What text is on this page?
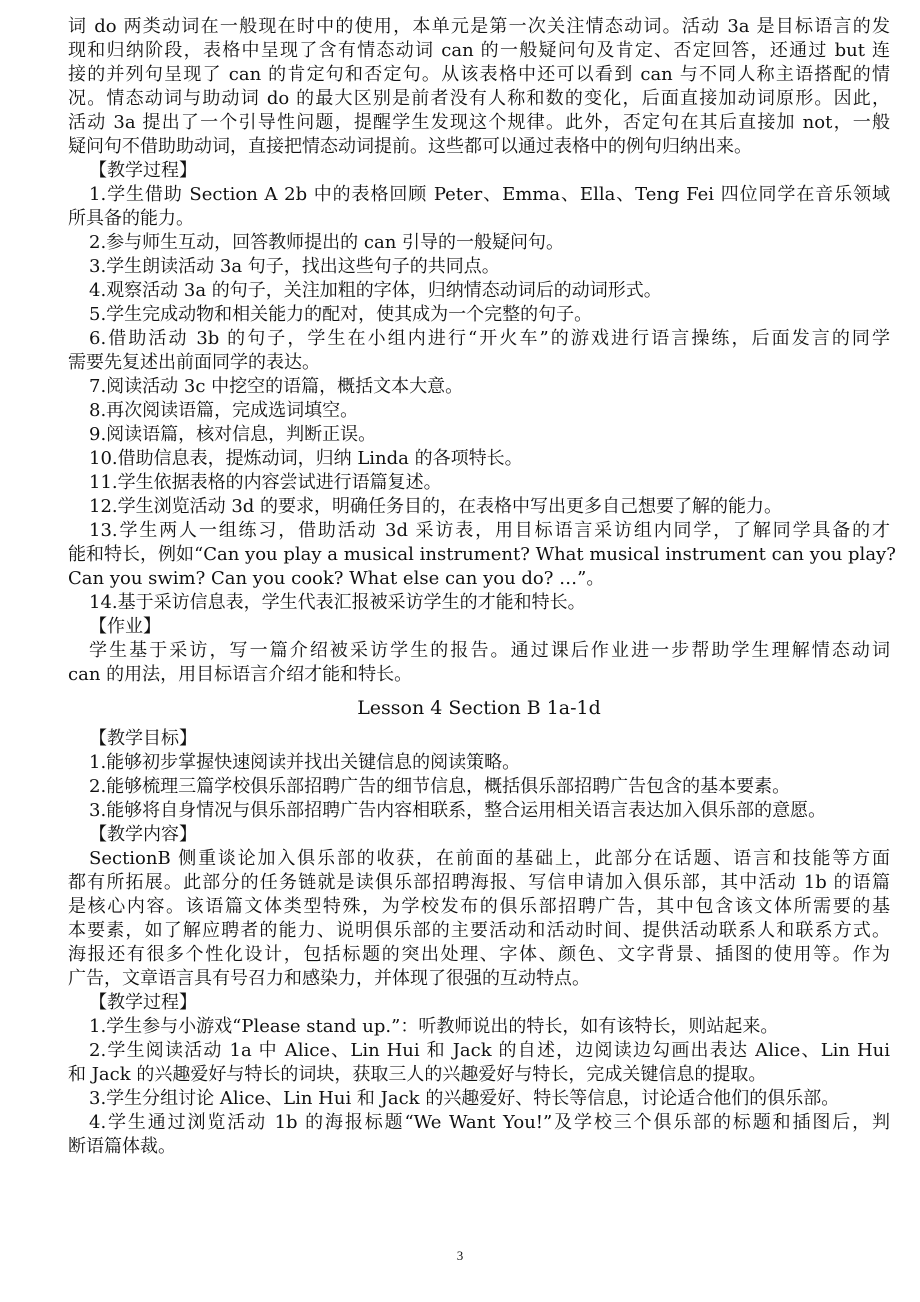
词 do 两类动词在一般现在时中的使用，本单元是第一次关注情态动词。活动 3a 是目标语言的发
现和归纳阶段，表格中呈现了含有情态动词 can 的一般疑问句及肯定、否定回答，还通过 but 连
接的并列句呈现了 can 的肯定句和否定句。从该表格中还可以看到 can 与不同人称主语搭配的情
况。情态动词与助动词 do 的最大区别是前者没有人称和数的变化，后面直接加动词原形。因此，
活动 3a 提出了一个引导性问题，提醒学生发现这个规律。此外，否定句在其后直接加 not，一般
疑问句不借助助动词，直接把情态动词提前。这些都可以通过表格中的例句归纳出来。
【教学过程】
1.学生借助 Section A 2b 中的表格回顾 Peter、Emma、Ella、Teng Fei 四位同学在音乐领域
所具备的能力。
2.参与师生互动，回答教师提出的 can 引导的一般疑问句。
3.学生朗读活动 3a 句子，找出这些句子的共同点。
4.观察活动 3a 的句子，关注加粗的字体，归纳情态动词后的动词形式。
5.学生完成动物和相关能力的配对，使其成为一个完整的句子。
6.借助活动 3b 的句子，学生在小组内进行“开火车”的游戏进行语言操练，后面发言的同学
需要先复述出前面同学的表达。
7.阅读活动 3c 中挖空的语篇，概括文本大意。
8.再次阅读语篇，完成选词填空。
9.阅读语篇，核对信息，判断正误。
10.借助信息表，提炼动词，归纳 Linda 的各项特长。
11.学生依据表格的内容尝试进行语篇复述。
12.学生浏览活动 3d 的要求，明确任务目的，在表格中写出更多自己想要了解的能力。
13.学生两人一组练习，借助活动 3d 采访表，用目标语言采访组内同学，了解同学具备的才
能和特长，例如“Can you play a musical instrument? What musical instrument can you play?
Can you swim? Can you cook? What else can you do? …”。
14.基于采访信息表，学生代表汇报被采访学生的才能和特长。
【作业】
学生基于采访，写一篇介绍被采访学生的报告。通过课后作业进一步帮助学生理解情态动词
can 的用法，用目标语言介绍才能和特长。
Lesson 4 Section B 1a-1d
【教学目标】
1.能够初步掌握快速阅读并找出关键信息的阅读策略。
2.能够梳理三篇学校俱乐部招聘广告的细节信息，概括俱乐部招聘广告包含的基本要素。
3.能够将自身情况与俱乐部招聘广告内容相联系，整合运用相关语言表达加入俱乐部的意愿。
【教学内容】
SectionB 侧重谈论加入俱乐部的收获，在前面的基础上，此部分在话题、语言和技能等方面
都有所拓展。此部分的任务链就是读俱乐部招聘海报、写信申请加入俱乐部，其中活动 1b 的语篇
是核心内容。该语篇文体类型特殊，为学校发布的俱乐部招聘广告，其中包含该文体所需要的基
本要素，如了解应聘者的能力、说明俱乐部的主要活动和活动时间、提供活动联系人和联系方式。
海报还有很多个性化设计，包括标题的突出处理、字体、颜色、文字背景、插图的使用等。作为
广告，文章语言具有号召力和感染力，并体现了很强的互动特点。
【教学过程】
1.学生参与小游戏“Please stand up.”：听教师说出的特长，如有该特长，则站起来。
2.学生阅读活动 1a 中 Alice、Lin Hui 和 Jack 的自述，边阅读边勾画出表达 Alice、Lin Hui
和 Jack 的兴趣爱好与特长的词块，获取三人的兴趣爱好与特长，完成关键信息的提取。
3.学生分组讨论 Alice、Lin Hui 和 Jack 的兴趣爱好、特长等信息，讨论适合他们的俱乐部。
4.学生通过浏览活动 1b 的海报标题“We Want You!”及学校三个俱乐部的标题和插图后，判
断语篇体裁。
3
